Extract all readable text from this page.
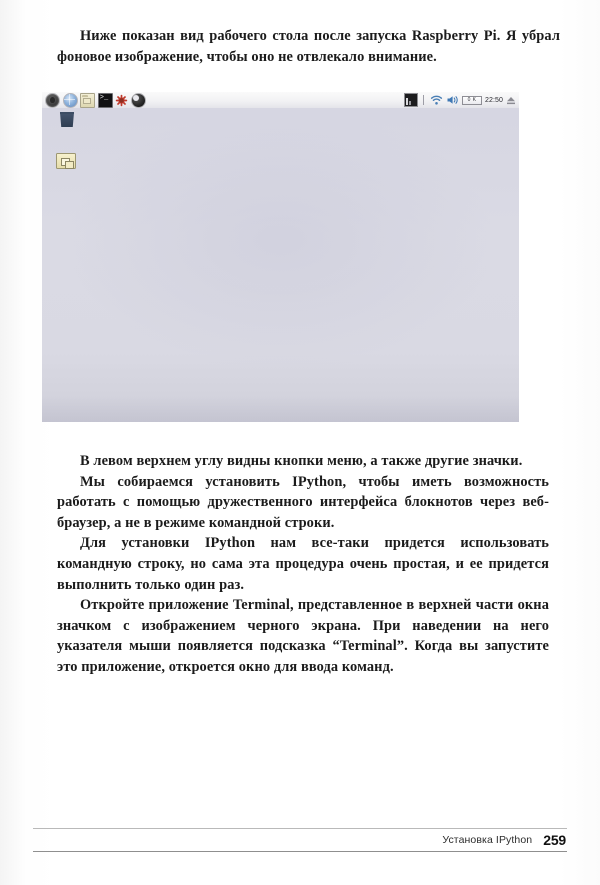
Ниже показан вид рабочего стола после запуска Raspberry Pi. Я убрал фоновое изображение, чтобы оно не отвлекало внимание.

>_
0 K	22:50

В левом верхнем углу видны кнопки меню, а также другие значки.

Мы собираемся установить IPython, чтобы иметь возможность работать с помощью дружественного интерфейса блокнотов через веб-браузер, а не в режиме командной строки.

Для установки IPython нам все-таки придется использовать командную строку, но сама эта процедура очень простая, и ее придется выполнить только один раз.

Откройте приложение Terminal, представленное в верхней части окна значком с изображением черного экрана. При наведении на него указателя мыши появляется подсказка “Terminal”. Когда вы запустите это приложение, откроется окно для ввода команд.

Установка IPython 259
